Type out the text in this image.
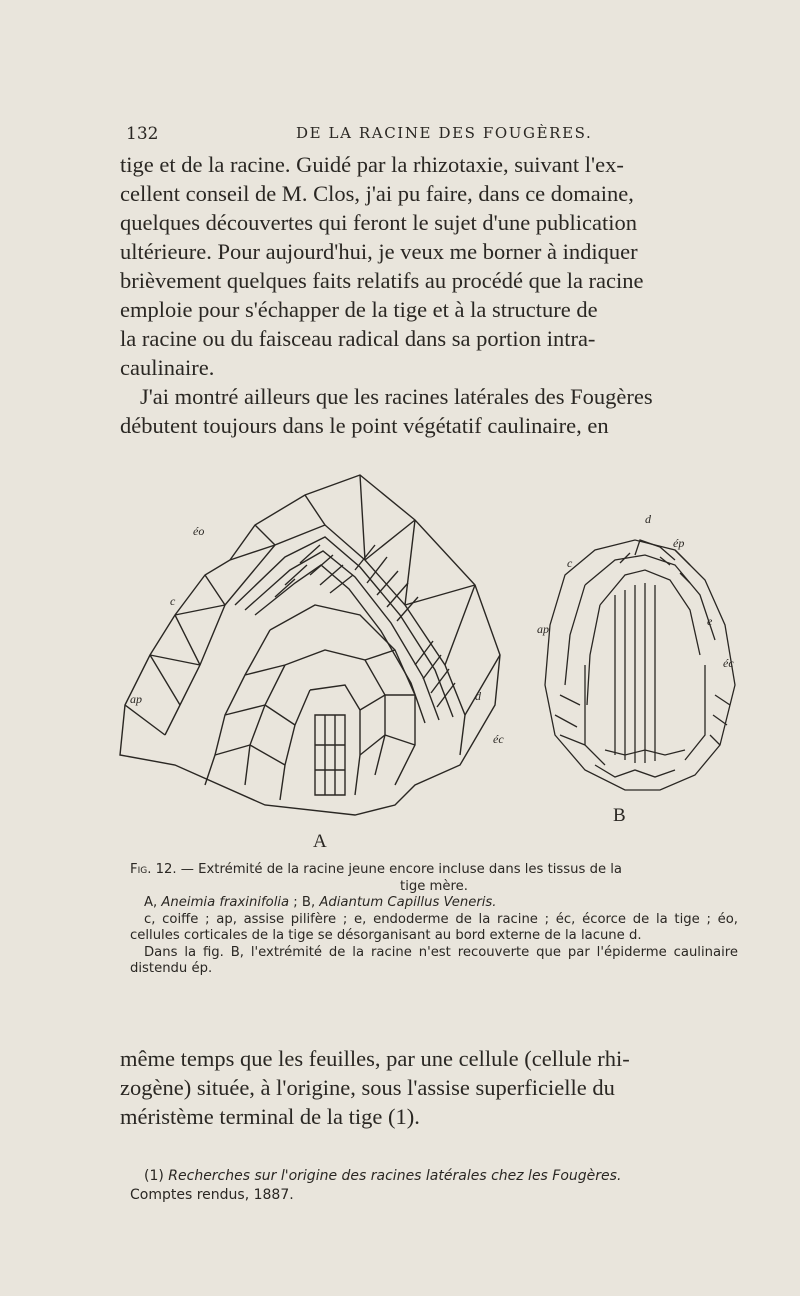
132	DE LA RACINE DES FOUGÈRES.

tige et de la racine. Guidé par la rhizotaxie, suivant l'ex-

cellent conseil de M. Clos, j'ai pu faire, dans ce domaine,

quelques découvertes qui feront le sujet d'une publication

ultérieure. Pour aujourd'hui, je veux me borner à indiquer

brièvement quelques faits relatifs au procédé que la racine

emploie pour s'échapper de la tige et à la structure de

la racine ou du faisceau radical dans sa portion intra-

caulinaire.

J'ai montré ailleurs que les racines latérales des Fougères

débutent toujours dans le point végétatif caulinaire, en

A
B
éo
c
ap	d
éc
d
ép
c
ap
e
éc

Fig. 12. — Extrémité de la racine jeune encore incluse dans les tissus de la

tige mère.

A, Aneimia fraxinifolia ; B, Adiantum Capillus Veneris.

c, coiffe ; ap, assise pilifère ; e, endoderme de la racine ; éc, écorce de la tige ; éo, cellules corticales de la tige se désorganisant au bord externe de la lacune d.

Dans la fig. B, l'extrémité de la racine n'est recouverte que par l'épiderme caulinaire distendu ép.

même temps que les feuilles, par une cellule (cellule rhi-

zogène) située, à l'origine, sous l'assise superficielle du

méristème terminal de la tige (1).

(1) Recherches sur l'origine des racines latérales chez les Fougères.

Comptes rendus, 1887.
